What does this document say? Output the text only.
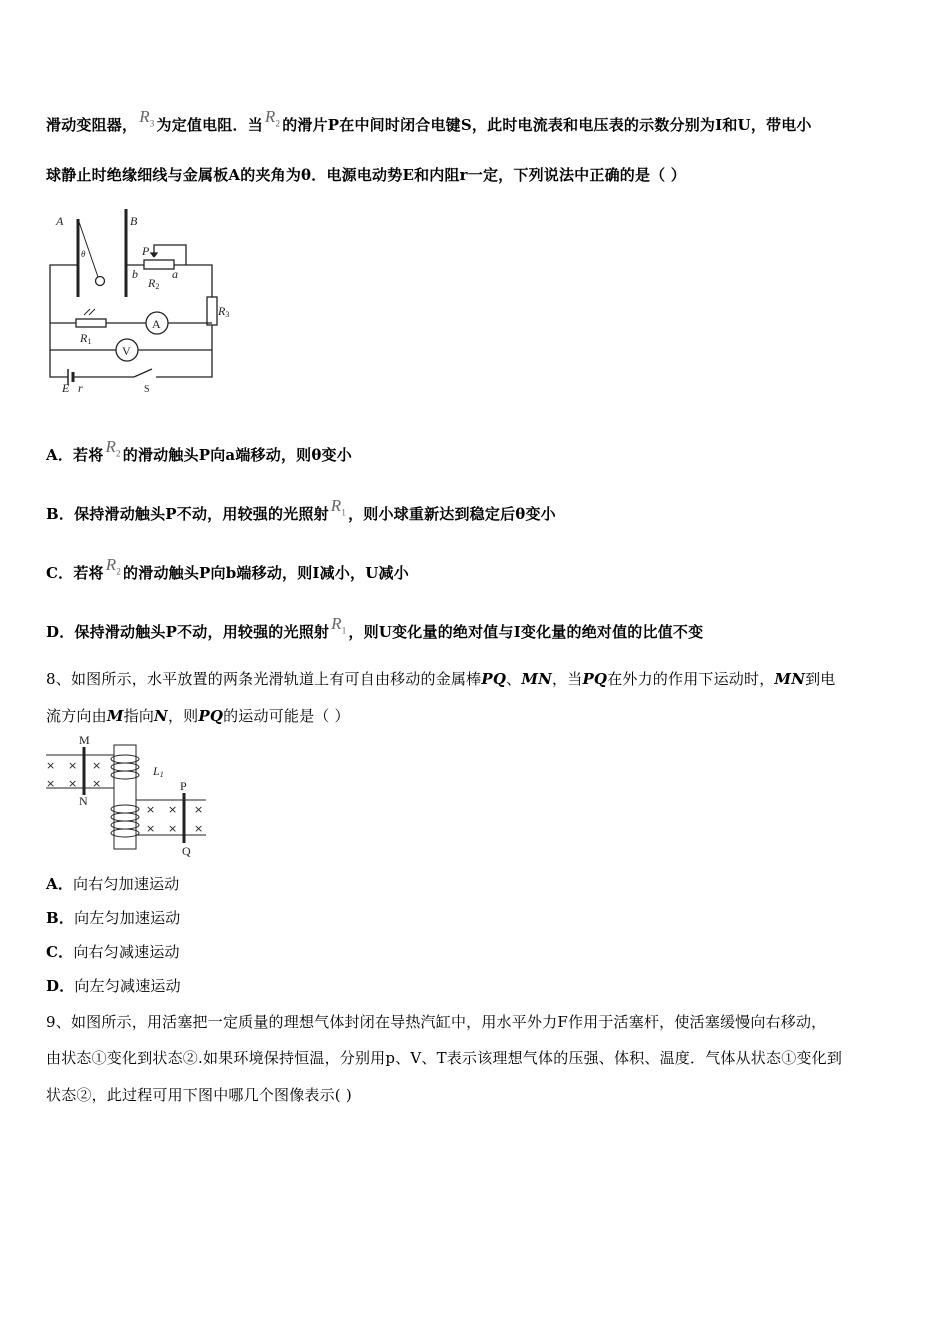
滑动变阻器， $R_3$ 为定值电阻．当 $R_2$ 的滑片P在中间时闭合电键S，此时电流表和电压表的示数分别为I和U，带电小
球静止时绝缘细线与金属板A的夹角为θ．电源电动势E和内阻r一定，下列说法中正确的是（ ）
A	B
θ	P
a
b
R2
R3
R1
A
V
E r	S
A．若将 $R_2$ 的滑动触头P向a端移动，则θ变小
B．保持滑动触头P不动，用较强的光照射 $R_1$ ，则小球重新达到稳定后θ变小
C．若将 $R_2$ 的滑动触头P向b端移动，则I减小，U减小
D．保持滑动触头P不动，用较强的光照射 $R_1$ ，则U变化量的绝对值与I变化量的绝对值的比值不变
8、如图所示，水平放置的两条光滑轨道上有可自由移动的金属棒PQ、MN，当PQ在外力的作用下运动时，MN到电
流方向由M指向N，则PQ的运动可能是（ ）
× × ×
× × ×
× × ×
× × ×
M
N
L1
P
Q
A．向右匀加速运动
B．向左匀加速运动
C．向右匀减速运动
D．向左匀减速运动
9、如图所示，用活塞把一定质量的理想气体封闭在导热汽缸中，用水平外力F作用于活塞杆，使活塞缓慢向右移动，
由状态①变化到状态②.如果环境保持恒温，分别用p、V、T表示该理想气体的压强、体积、温度．气体从状态①变化到
状态②，此过程可用下图中哪几个图像表示( )
